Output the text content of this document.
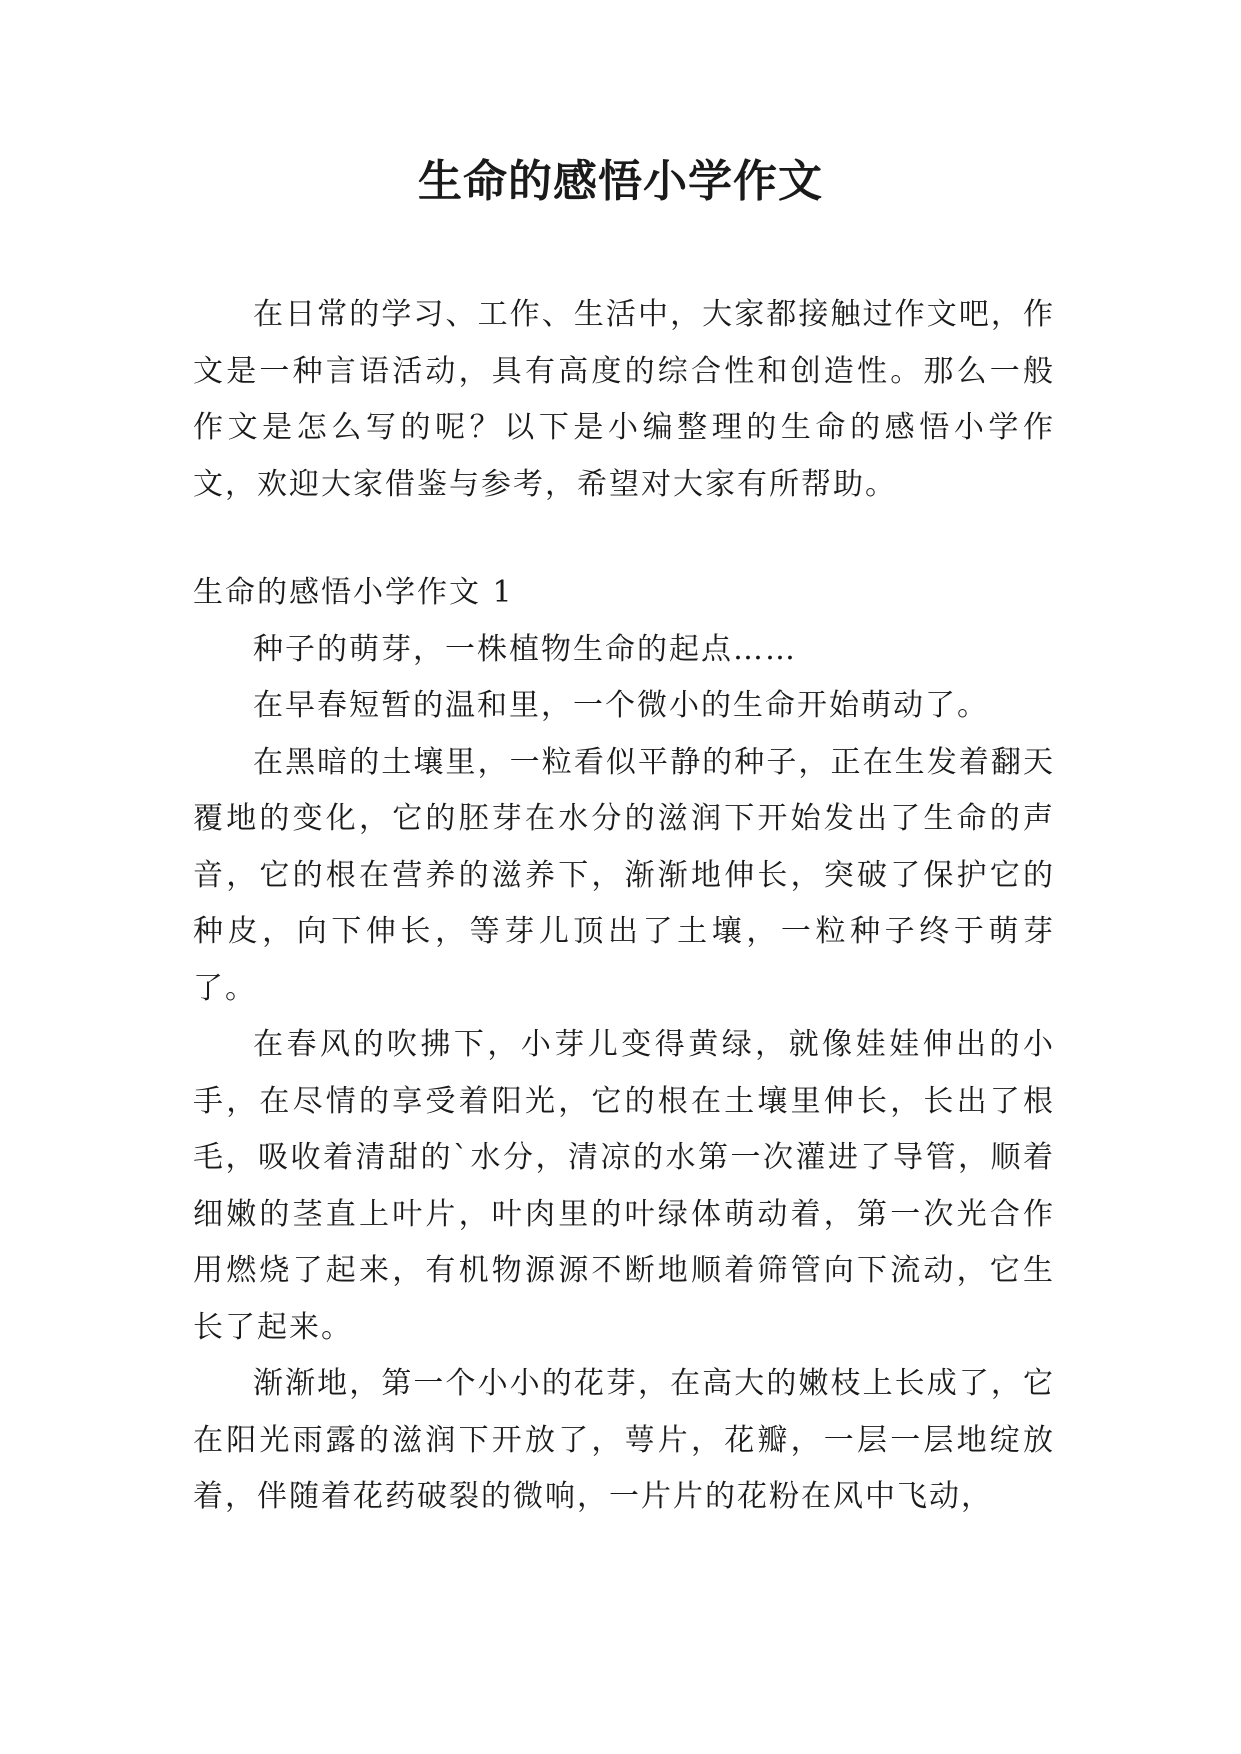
生命的感悟小学作文

在日常的学习、工作、生活中，大家都接触过作文吧，作文是一种言语活动，具有高度的综合性和创造性。那么一般作文是怎么写的呢？以下是小编整理的生命的感悟小学作文，欢迎大家借鉴与参考，希望对大家有所帮助。

生命的感悟小学作文 1

种子的萌芽，一株植物生命的起点……

在早春短暂的温和里，一个微小的生命开始萌动了。

在黑暗的土壤里，一粒看似平静的种子，正在生发着翻天覆地的变化，它的胚芽在水分的滋润下开始发出了生命的声音，它的根在营养的滋养下，渐渐地伸长，突破了保护它的种皮，向下伸长，等芽儿顶出了土壤，一粒种子终于萌芽了。

在春风的吹拂下，小芽儿变得黄绿，就像娃娃伸出的小手，在尽情的享受着阳光，它的根在土壤里伸长，长出了根毛，吸收着清甜的`水分，清凉的水第一次灌进了导管，顺着细嫩的茎直上叶片，叶肉里的叶绿体萌动着，第一次光合作用燃烧了起来，有机物源源不断地顺着筛管向下流动，它生长了起来。

渐渐地，第一个小小的花芽，在高大的嫩枝上长成了，它在阳光雨露的滋润下开放了，萼片，花瓣，一层一层地绽放着，伴随着花药破裂的微响，一片片的花粉在风中飞动，
